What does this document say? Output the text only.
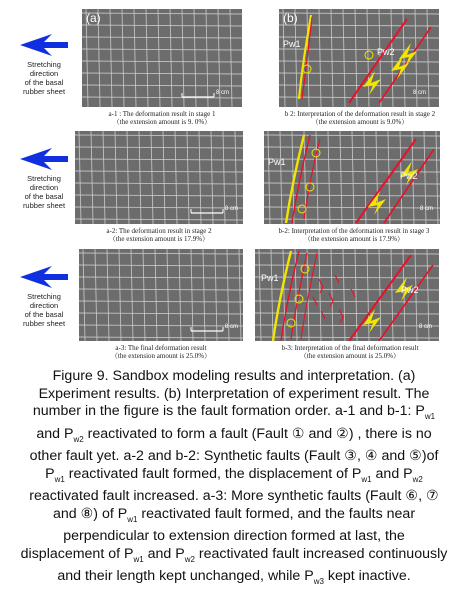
Stretching
direction
of the basal
rubber sheet
Stretching
direction
of the basal
rubber sheet
Stretching
direction
of the basal
rubber sheet
(a)
8 cm
a-1 : The deformation result in stage 1
（the extension amount is 9. 0%）
(b)
Pw1
Pw2
8 cm
b 2: Interpretation of the deformation result in stage 2
（the extension amount is 9.0%）
8 cm
a-2: The deformation result in stage 2
（the extension amount is 17.9%）
Pw1
Pw2
8 cm
b-2: Interpretation of the deformation result in stage 3
（the extension amount is 17.9%）
8 cm
a-3: The final deformation result
（the extension amount is 25.0%）
Pw1
Pw2
8 cm
b-3: Interpretation of the final deformation result
（the extension amount is 25.0%）
Figure 9. Sandbox modeling results and interpretation. (a)
Experiment results. (b) Interpretation of experiment result. The
number in the figure is the fault formation order. a-1 and b-1: $P_{w1}$
and $P_{w2}$ reactivated to form a fault (Fault ① and ②) , there is no
other fault yet. a-2 and b-2: Synthetic faults (Fault ③, ④ and ⑤)of
$P_{w1}$ reactivated fault formed, the displacement of $P_{w1}$ and $P_{w2}$
reactivated fault increased. a-3: More synthetic faults (Fault ⑥, ⑦
and ⑧) of $P_{w1}$ reactivated fault formed, and the faults near
perpendicular to extension direction formed at last, the
displacement of $P_{w1}$ and $P_{w2}$ reactivated fault increased continuously
and their length kept unchanged, while $P_{w3}$ kept inactive.
